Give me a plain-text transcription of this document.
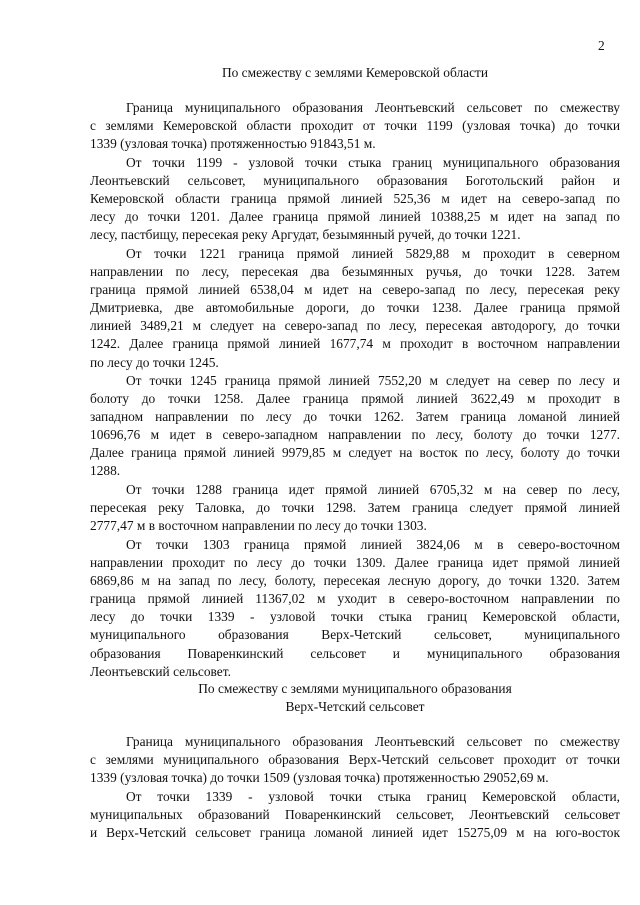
2
По смежеству с землями Кемеровской области
Граница муниципального образования Леонтьевский сельсовет по смежеству
с землями Кемеровской области проходит от точки 1199 (узловая точка) до точки
1339 (узловая точка) протяженностью 91843,51 м.
От точки 1199 - узловой точки стыка границ муниципального образования
Леонтьевский сельсовет, муниципального образования Боготольский район и
Кемеровской области граница прямой линией 525,36 м идет на северо-запад по
лесу до точки 1201. Далее граница прямой линией 10388,25 м идет на запад по
лесу, пастбищу, пересекая реку Аргудат, безымянный ручей, до точки 1221.
От точки 1221 граница прямой линией 5829,88 м проходит в северном
направлении по лесу, пересекая два безымянных ручья, до точки 1228. Затем
граница прямой линией 6538,04 м идет на северо-запад по лесу, пересекая реку
Дмитриевка, две автомобильные дороги, до точки 1238. Далее граница прямой
линией 3489,21 м следует на северо-запад по лесу, пересекая автодорогу, до точки
1242. Далее граница прямой линией 1677,74 м проходит в восточном направлении
по лесу до точки 1245.
От точки 1245 граница прямой линией 7552,20 м следует на север по лесу и
болоту до точки 1258. Далее граница прямой линией 3622,49 м проходит в
западном направлении по лесу до точки 1262. Затем граница ломаной линией
10696,76 м идет в северо-западном направлении по лесу, болоту до точки 1277.
Далее граница прямой линией 9979,85 м следует на восток по лесу, болоту до точки
1288.
От точки 1288 граница идет прямой линией 6705,32 м на север по лесу,
пересекая реку Таловка, до точки 1298. Затем граница следует прямой линией
2777,47 м в восточном направлении по лесу до точки 1303.
От точки 1303 граница прямой линией 3824,06 м в северо-восточном
направлении проходит по лесу до точки 1309. Далее граница идет прямой линией
6869,86 м на запад по лесу, болоту, пересекая лесную дорогу, до точки 1320. Затем
граница прямой линией 11367,02 м уходит в северо-восточном направлении по
лесу до точки 1339 - узловой точки стыка границ Кемеровской области,
муниципального образования Верх-Четский сельсовет, муниципального
образования Поваренкинский сельсовет и муниципального образования
Леонтьевский сельсовет.
По смежеству с землями муниципального образования
Верх-Четский сельсовет
Граница муниципального образования Леонтьевский сельсовет по смежеству
с землями муниципального образования Верх-Четский сельсовет проходит от точки
1339 (узловая точка) до точки 1509 (узловая точка) протяженностью 29052,69 м.
От точки 1339 - узловой точки стыка границ Кемеровской области,
муниципальных образований Поваренкинский сельсовет, Леонтьевский сельсовет
и Верх-Четский сельсовет граница ломаной линией идет 15275,09 м на юго-восток
